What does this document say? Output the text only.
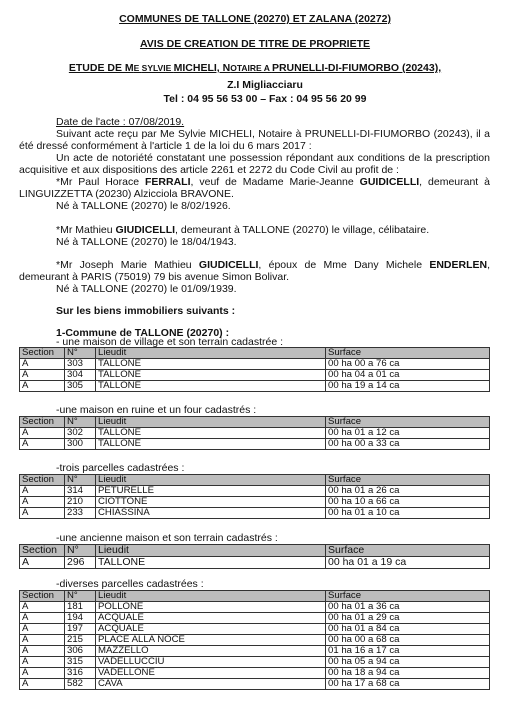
COMMUNES DE TALLONE (20270) ET ZALANA (20272)
AVIS DE CREATION DE TITRE DE PROPRIETE
ETUDE DE ME SYLVIE MICHELI, NOTAIRE A PRUNELLI-DI-FIUMORBO (20243),
Z.I Migliacciaru
Tel : 04 95 56 53 00 – Fax : 04 95 56 20 99
Date de l'acte : 07/08/2019.
Suivant acte reçu par Me Sylvie MICHELI, Notaire à PRUNELLI-DI-FIUMORBO (20243), il a
été dressé conformément à l'article 1 de la loi du 6 mars 2017 :
Un acte de notoriété constatant une possession répondant aux conditions de la prescription
acquisitive et aux dispositions des article 2261 et 2272 du Code Civil au profit de :
*Mr Paul Horace FERRALI, veuf de Madame Marie-Jeanne GUIDICELLI, demeurant à
LINGUIZZETTA (20230) Alzicciola BRAVONE.
Né à TALLONE (20270) le 8/02/1926.
*Mr Mathieu GIUDICELLI, demeurant à TALLONE (20270) le village, célibataire.
Né à TALLONE (20270) le 18/04/1943.
*Mr Joseph Marie Mathieu GIUDICELLI, époux de Mme Dany Michele ENDERLEN,
demeurant à PARIS (75019) 79 bis avenue Simon Bolivar.
Né à TALLONE (20270) le 01/09/1939.
Sur les biens immobiliers suivants :
1-Commune de TALLONE (20270) :
- une maison de village et son terrain cadastrée :
Section	N°	Lieudit	Surface
A	303	TALLONE	00 ha 00 a 76 ca
A	304	TALLONE	00 ha 04 a 01 ca
A	305	TALLONE	00 ha 19 a 14 ca
-une maison en ruine et un four cadastrés :
Section	N°	Lieudit	Surface
A	302	TALLONE	00 ha 01 a 12 ca
A	300	TALLONE	00 ha 00 a 33 ca
-trois parcelles cadastrées :
Section	N°	Lieudit	Surface
A	314	PETURELLE	00 ha 01 a 26 ca
A	210	CIOTTONE	00 ha 10 a 66 ca
A	233	CHIASSINA	00 ha 01 a 10 ca
-une ancienne maison et son terrain cadastrés :
Section	N°	Lieudit	Surface
A	296	TALLONE	00 ha 01 a 19 ca
-diverses parcelles cadastrées :
Section	N°	Lieudit	Surface
A	181	POLLONE	00 ha 01 a 36 ca
A	194	ACQUALE	00 ha 01 a 29 ca
A	197	ACQUALE	00 ha 01 a 84 ca
A	215	PLACE ALLA NOCE	00 ha 00 a 68 ca
A	306	MAZZELLO	01 ha 16 a 17 ca
A	315	VADELLUCCIU	00 ha 05 a 94 ca
A	316	VADELLONE	00 ha 18 a 94 ca
A	582	CAVA	00 ha 17 a 68 ca
